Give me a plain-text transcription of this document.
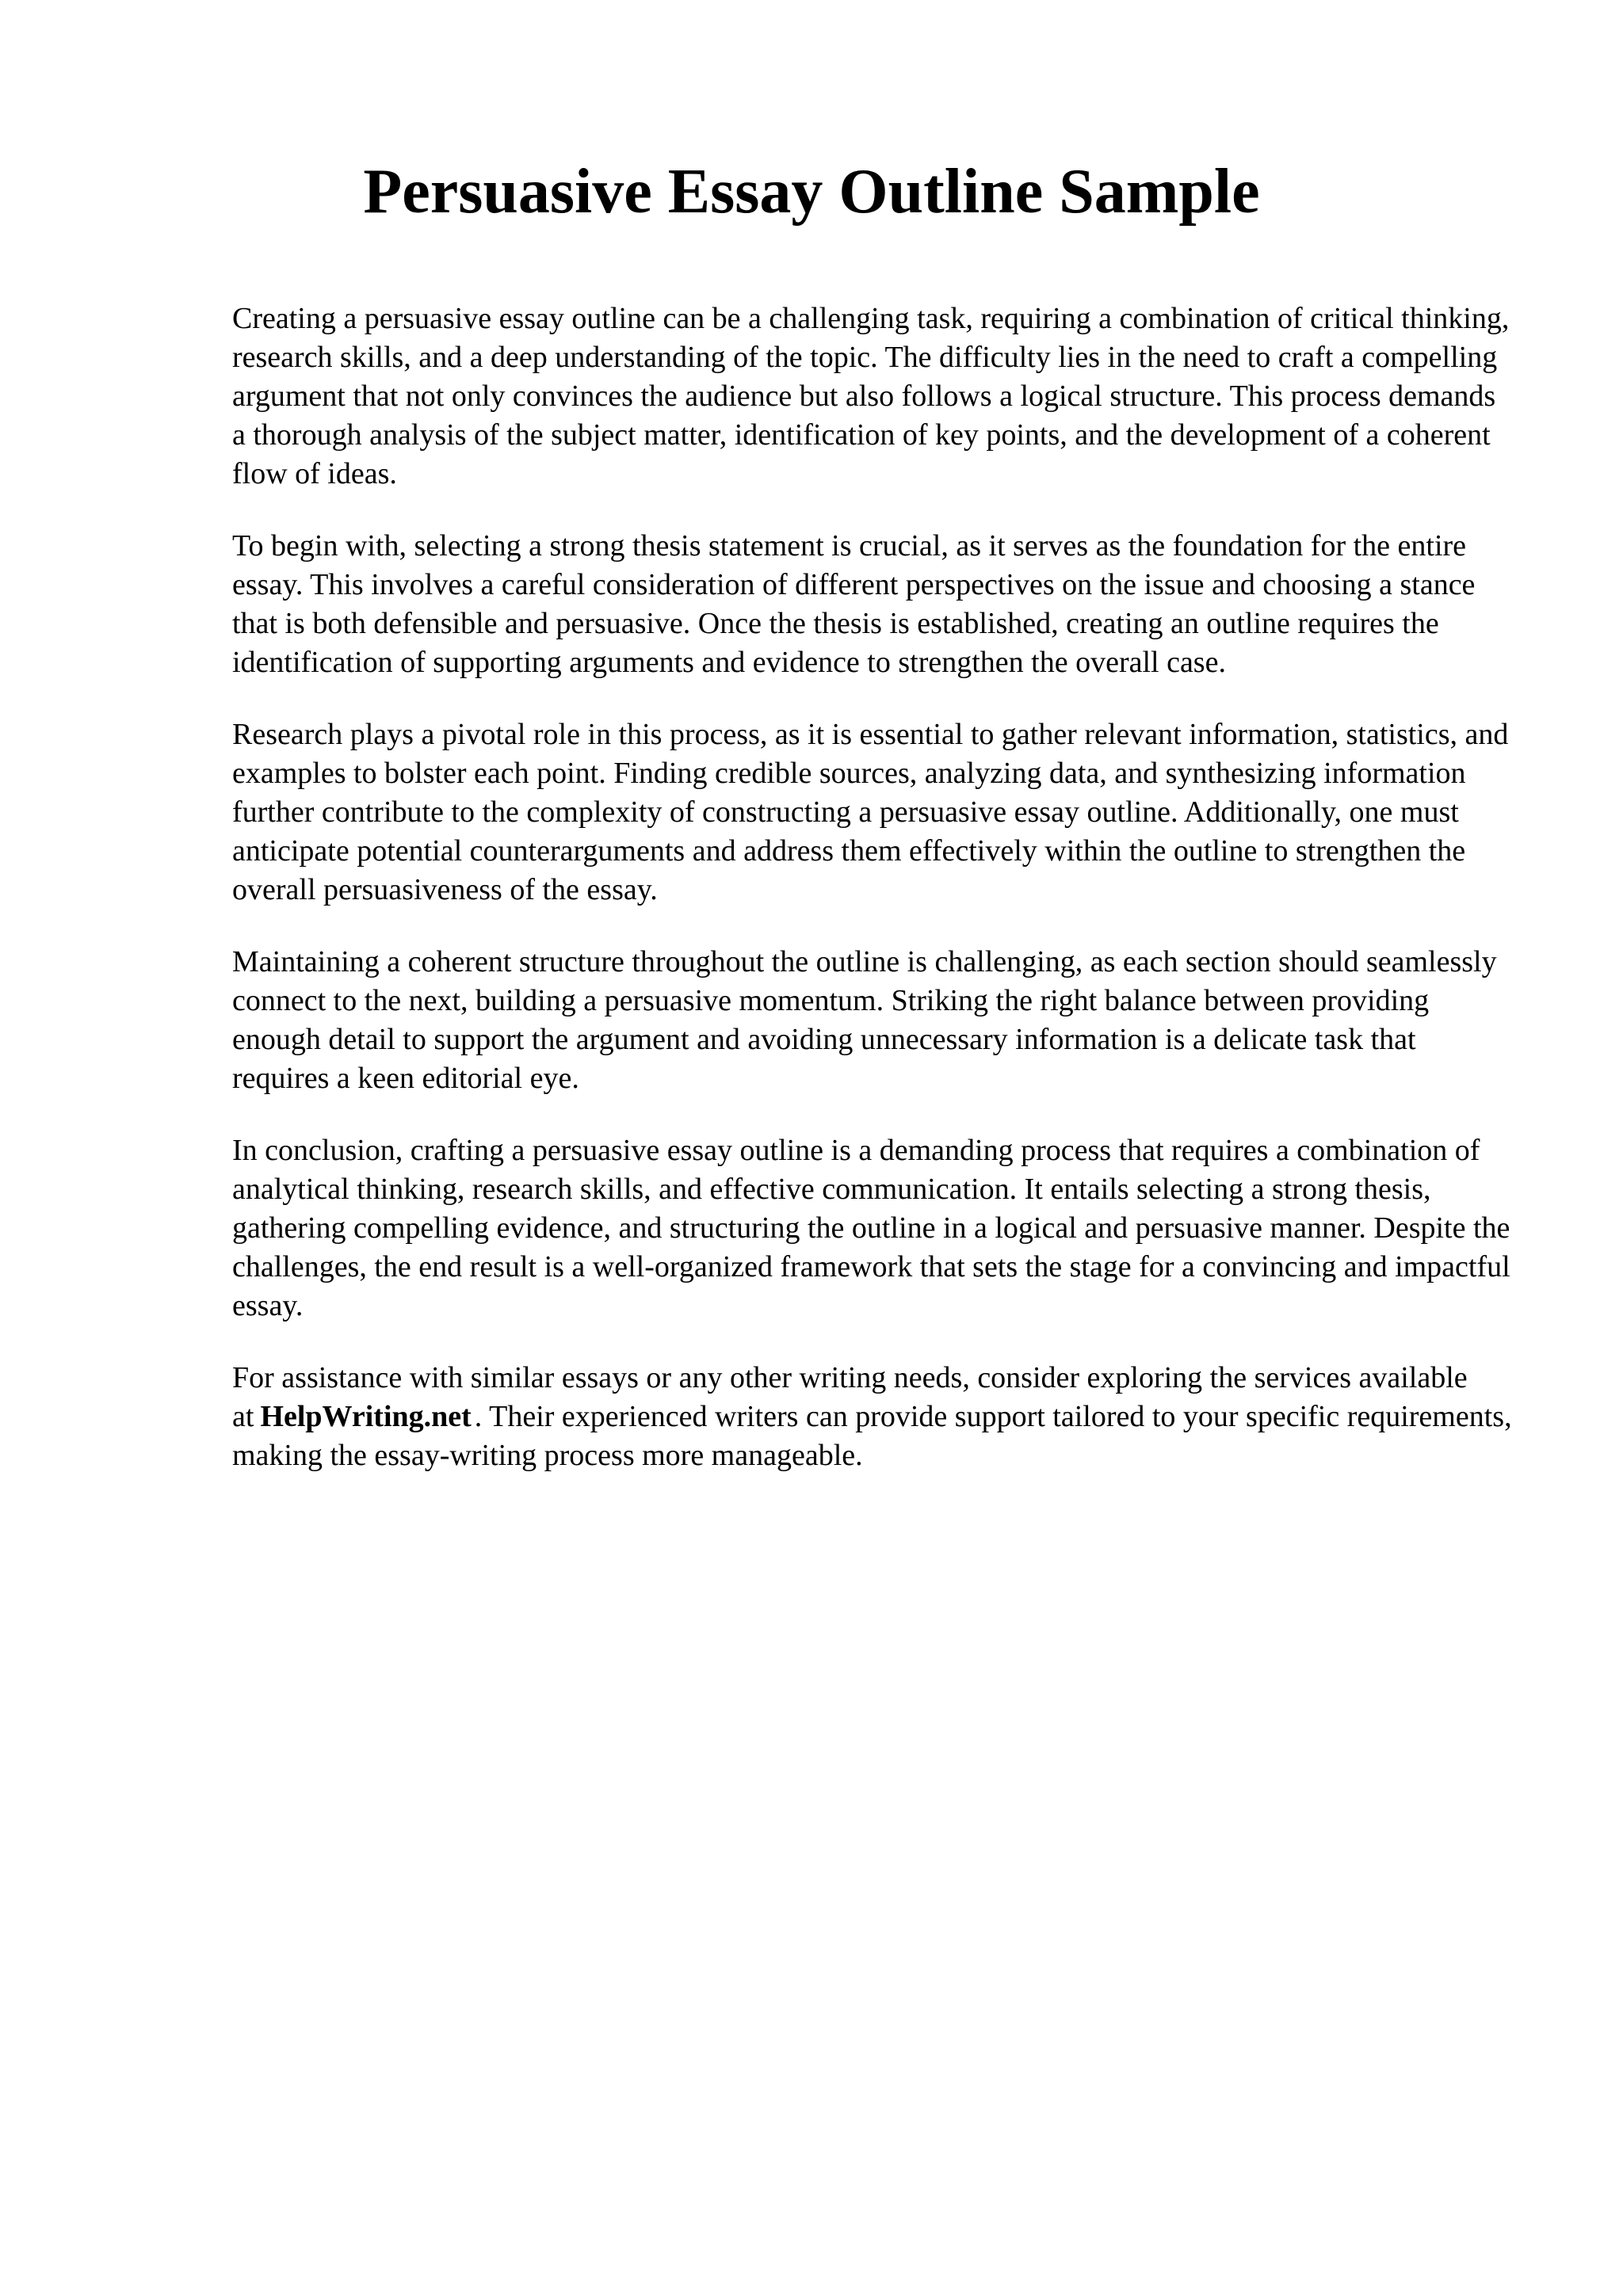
Persuasive Essay Outline Sample

Creating a persuasive essay outline can be a challenging task, requiring a combination of critical thinking, research skills, and a deep understanding of the topic. The difficulty lies in the need to craft a compelling argument that not only convinces the audience but also follows a logical structure. This process demands a thorough analysis of the subject matter, identification of key points, and the development of a coherent flow of ideas.

To begin with, selecting a strong thesis statement is crucial, as it serves as the foundation for the entire essay. This involves a careful consideration of different perspectives on the issue and choosing a stance that is both defensible and persuasive. Once the thesis is established, creating an outline requires the identification of supporting arguments and evidence to strengthen the overall case.

Research plays a pivotal role in this process, as it is essential to gather relevant information, statistics, and examples to bolster each point. Finding credible sources, analyzing data, and synthesizing information further contribute to the complexity of constructing a persuasive essay outline. Additionally, one must anticipate potential counterarguments and address them effectively within the outline to strengthen the overall persuasiveness of the essay.

Maintaining a coherent structure throughout the outline is challenging, as each section should seamlessly connect to the next, building a persuasive momentum. Striking the right balance between providing enough detail to support the argument and avoiding unnecessary information is a delicate task that requires a keen editorial eye.

In conclusion, crafting a persuasive essay outline is a demanding process that requires a combination of analytical thinking, research skills, and effective communication. It entails selecting a strong thesis, gathering compelling evidence, and structuring the outline in a logical and persuasive manner. Despite the challenges, the end result is a well-organized framework that sets the stage for a convincing and impactful essay.

For assistance with similar essays or any other writing needs, consider exploring the services available at HelpWriting.net . Their experienced writers can provide support tailored to your specific requirements, making the essay-writing process more manageable.
